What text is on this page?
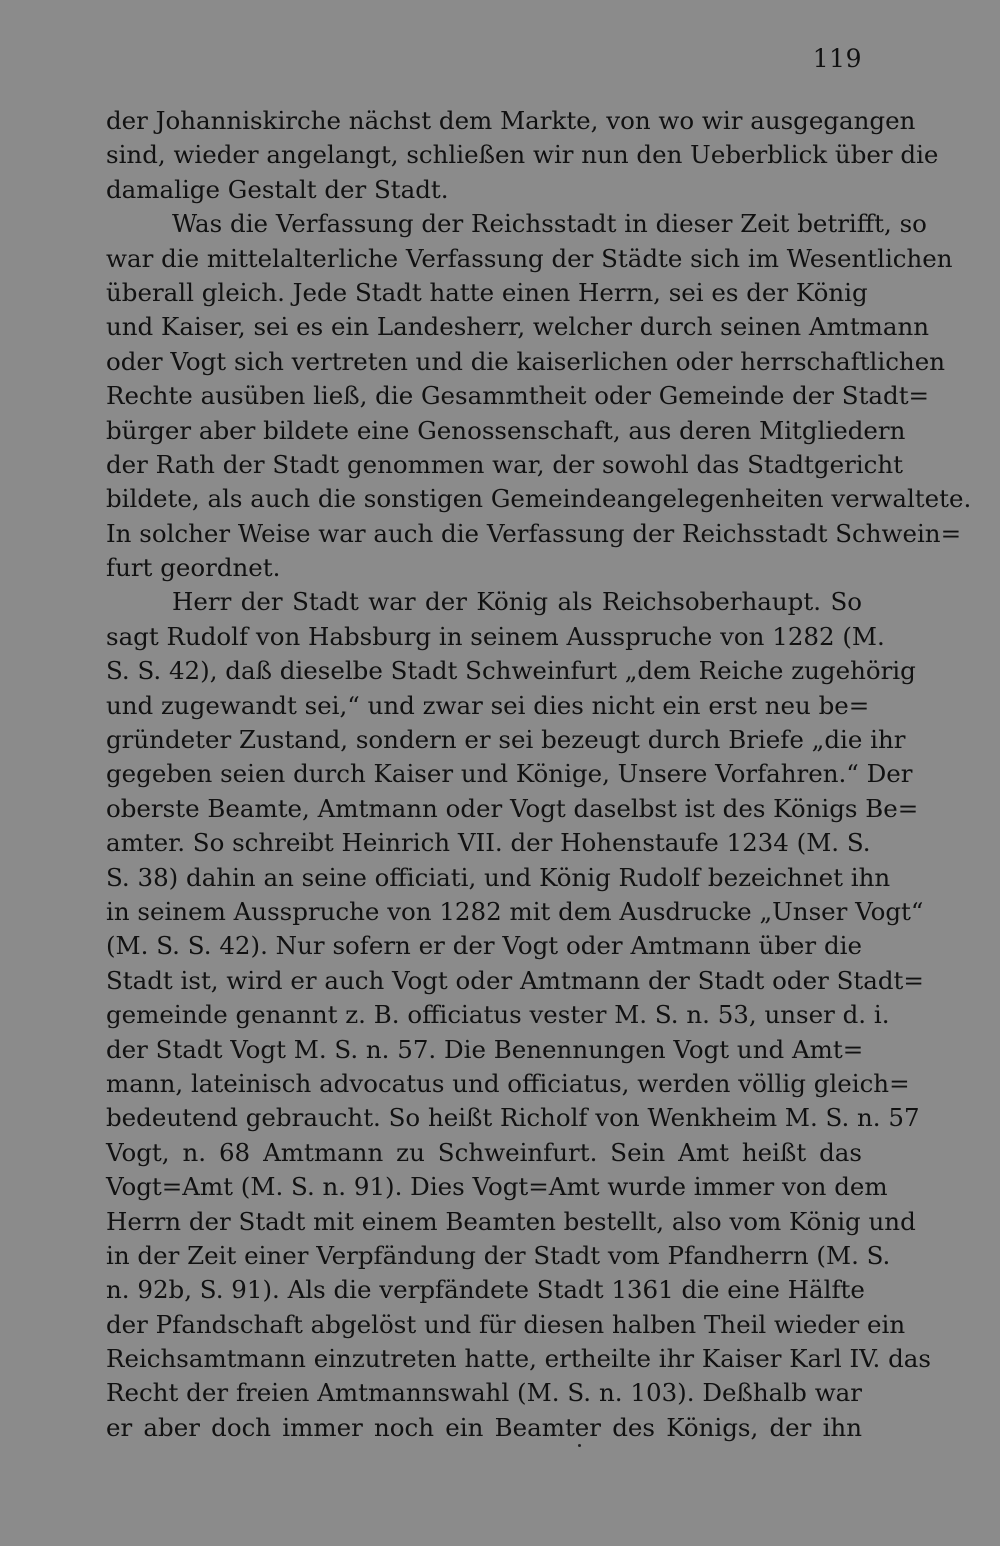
119
der Johanniskirche nächst dem Markte, von wo wir ausgegangen
sind, wieder angelangt, schließen wir nun den Ueberblick über die
damalige Gestalt der Stadt.
Was die Verfassung der Reichsstadt in dieser Zeit betrifft, so
war die mittelalterliche Verfassung der Städte sich im Wesentlichen
überall gleich. Jede Stadt hatte einen Herrn, sei es der König
und Kaiser, sei es ein Landesherr, welcher durch seinen Amtmann
oder Vogt sich vertreten und die kaiserlichen oder herrschaftlichen
Rechte ausüben ließ, die Gesammtheit oder Gemeinde der Stadt=
bürger aber bildete eine Genossenschaft, aus deren Mitgliedern
der Rath der Stadt genommen war, der sowohl das Stadtgericht
bildete, als auch die sonstigen Gemeindeangelegenheiten verwaltete.
In solcher Weise war auch die Verfassung der Reichsstadt Schwein=
furt geordnet.
Herr der Stadt war der König als Reichsoberhaupt. So
sagt Rudolf von Habsburg in seinem Ausspruche von 1282 (M.
S. S. 42), daß dieselbe Stadt Schweinfurt „dem Reiche zugehörig
und zugewandt sei,“ und zwar sei dies nicht ein erst neu be=
gründeter Zustand, sondern er sei bezeugt durch Briefe „die ihr
gegeben seien durch Kaiser und Könige, Unsere Vorfahren.“ Der
oberste Beamte, Amtmann oder Vogt daselbst ist des Königs Be=
amter. So schreibt Heinrich VII. der Hohenstaufe 1234 (M. S.
S. 38) dahin an seine officiati, und König Rudolf bezeichnet ihn
in seinem Ausspruche von 1282 mit dem Ausdrucke „Unser Vogt“
(M. S. S. 42). Nur sofern er der Vogt oder Amtmann über die
Stadt ist, wird er auch Vogt oder Amtmann der Stadt oder Stadt=
gemeinde genannt z. B. officiatus vester M. S. n. 53, unser d. i.
der Stadt Vogt M. S. n. 57. Die Benennungen Vogt und Amt=
mann, lateinisch advocatus und officiatus, werden völlig gleich=
bedeutend gebraucht. So heißt Richolf von Wenkheim M. S. n. 57
Vogt, n. 68 Amtmann zu Schweinfurt. Sein Amt heißt das
Vogt=Amt (M. S. n. 91). Dies Vogt=Amt wurde immer von dem
Herrn der Stadt mit einem Beamten bestellt, also vom König und
in der Zeit einer Verpfändung der Stadt vom Pfandherrn (M. S.
n. 92b, S. 91). Als die verpfändete Stadt 1361 die eine Hälfte
der Pfandschaft abgelöst und für diesen halben Theil wieder ein
Reichsamtmann einzutreten hatte, ertheilte ihr Kaiser Karl IV. das
Recht der freien Amtmannswahl (M. S. n. 103). Deßhalb war
er aber doch immer noch ein Beamter des Königs, der ihn
